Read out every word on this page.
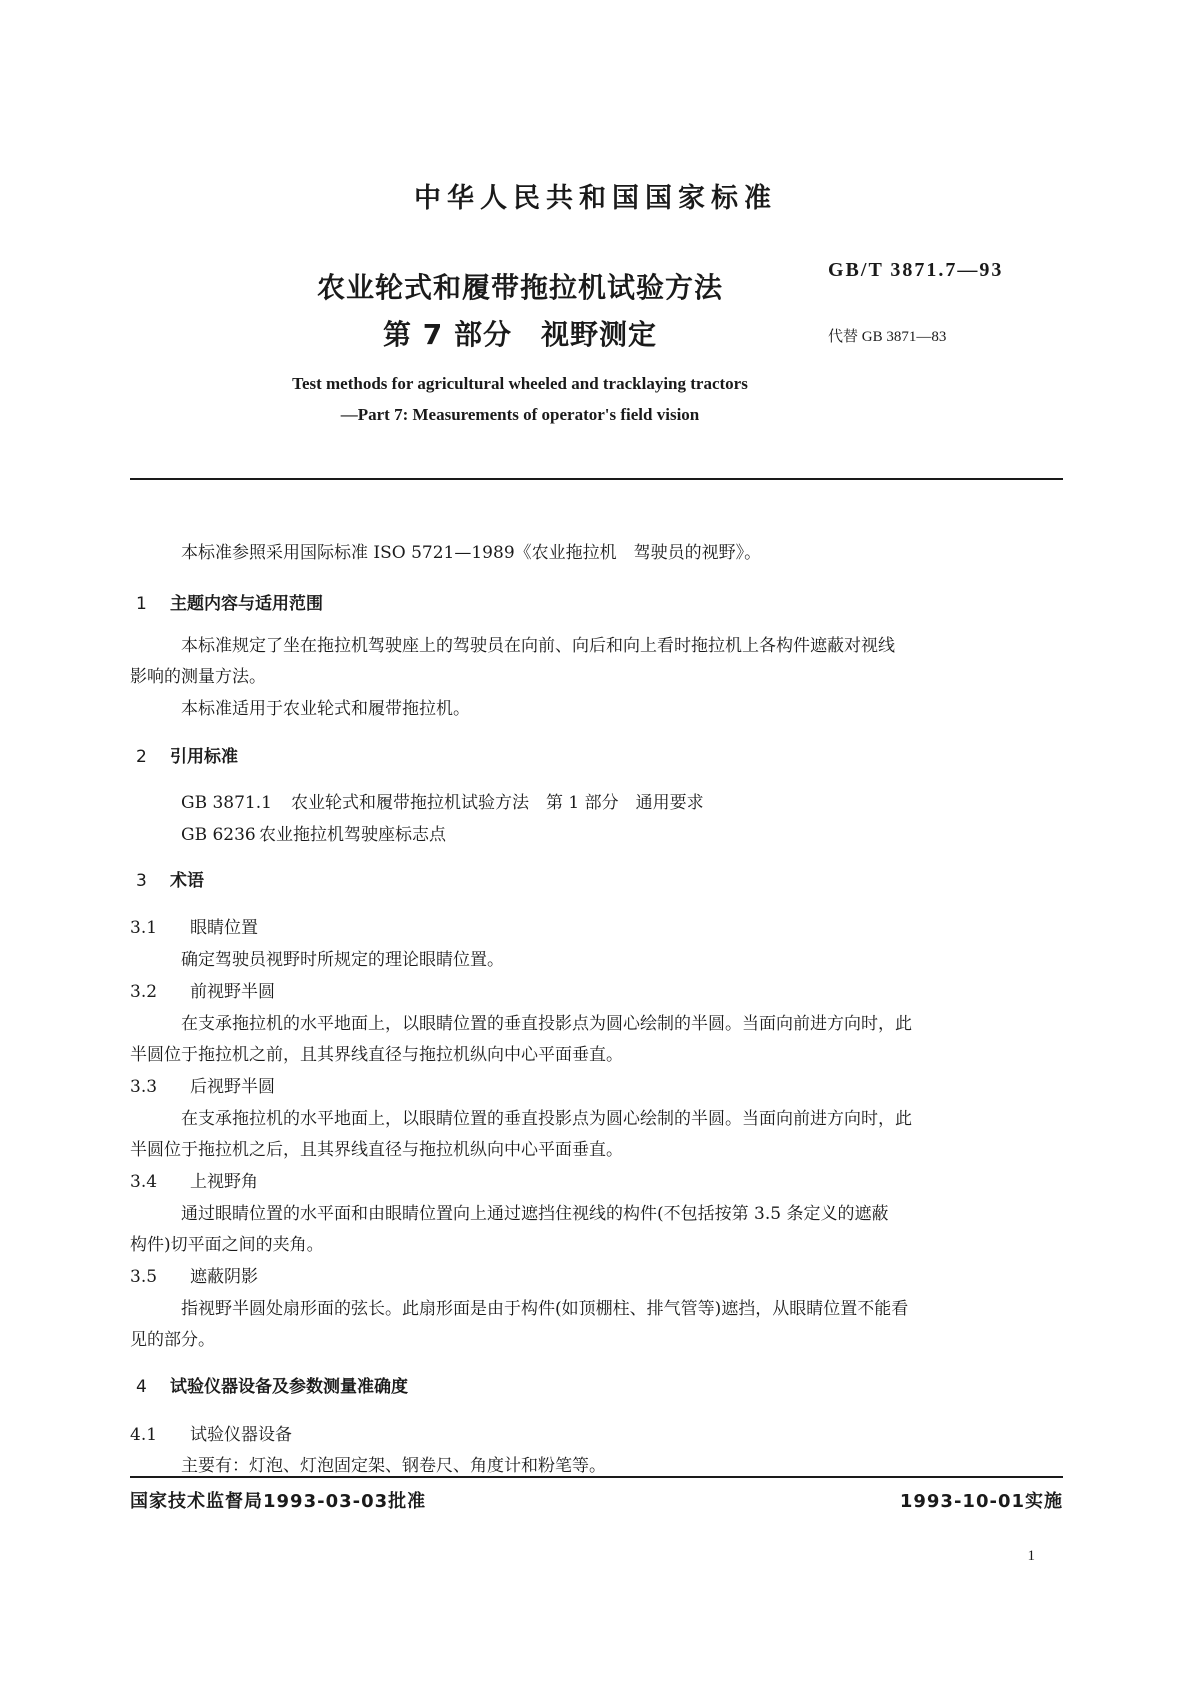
中华人民共和国国家标准
农业轮式和履带拖拉机试验方法
第 7 部分　视野测定
GB/T 3871.7—93
代替 GB 3871—83
Test methods for agricultural wheeled and tracklaying tractors
—Part 7: Measurements of operator's field vision
本标准参照采用国际标准 ISO 5721—1989《农业拖拉机　驾驶员的视野》。
1 主题内容与适用范围
本标准规定了坐在拖拉机驾驶座上的驾驶员在向前、向后和向上看时拖拉机上各构件遮蔽对视线
影响的测量方法。
本标准适用于农业轮式和履带拖拉机。
2 引用标准
GB 3871.1 农业轮式和履带拖拉机试验方法　第 1 部分　通用要求
GB 6236 农业拖拉机驾驶座标志点
3 术语
3.1 眼睛位置
确定驾驶员视野时所规定的理论眼睛位置。
3.2 前视野半圆
在支承拖拉机的水平地面上，以眼睛位置的垂直投影点为圆心绘制的半圆。当面向前进方向时，此
半圆位于拖拉机之前，且其界线直径与拖拉机纵向中心平面垂直。
3.3 后视野半圆
在支承拖拉机的水平地面上，以眼睛位置的垂直投影点为圆心绘制的半圆。当面向前进方向时，此
半圆位于拖拉机之后，且其界线直径与拖拉机纵向中心平面垂直。
3.4 上视野角
通过眼睛位置的水平面和由眼睛位置向上通过遮挡住视线的构件(不包括按第 3.5 条定义的遮蔽
构件)切平面之间的夹角。
3.5 遮蔽阴影
指视野半圆处扇形面的弦长。此扇形面是由于构件(如顶棚柱、排气管等)遮挡，从眼睛位置不能看
见的部分。
4 试验仪器设备及参数测量准确度
4.1 试验仪器设备
主要有：灯泡、灯泡固定架、钢卷尺、角度计和粉笔等。
国家技术监督局1993-03-03批准	1993-10-01实施
1
